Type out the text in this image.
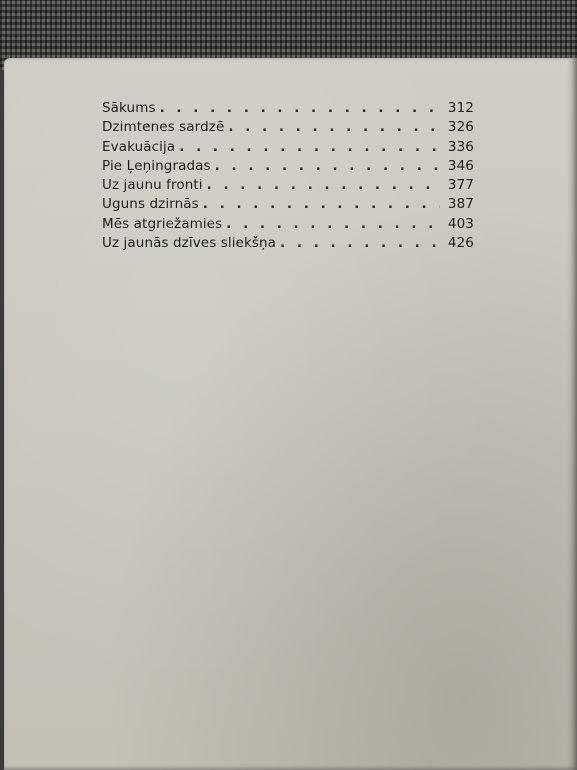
Sākums . . .	312
Dzimtenes sardzē . . .	326
Evakuācija . . .	336
Pie Ļeņingradas . . .	346
Uz jaunu fronti . . .	377
Uguns dzirnās . . .	387
Mēs atgriežamies . . .	403
Uz jaunās dzīves sliekšņa . . .	426
